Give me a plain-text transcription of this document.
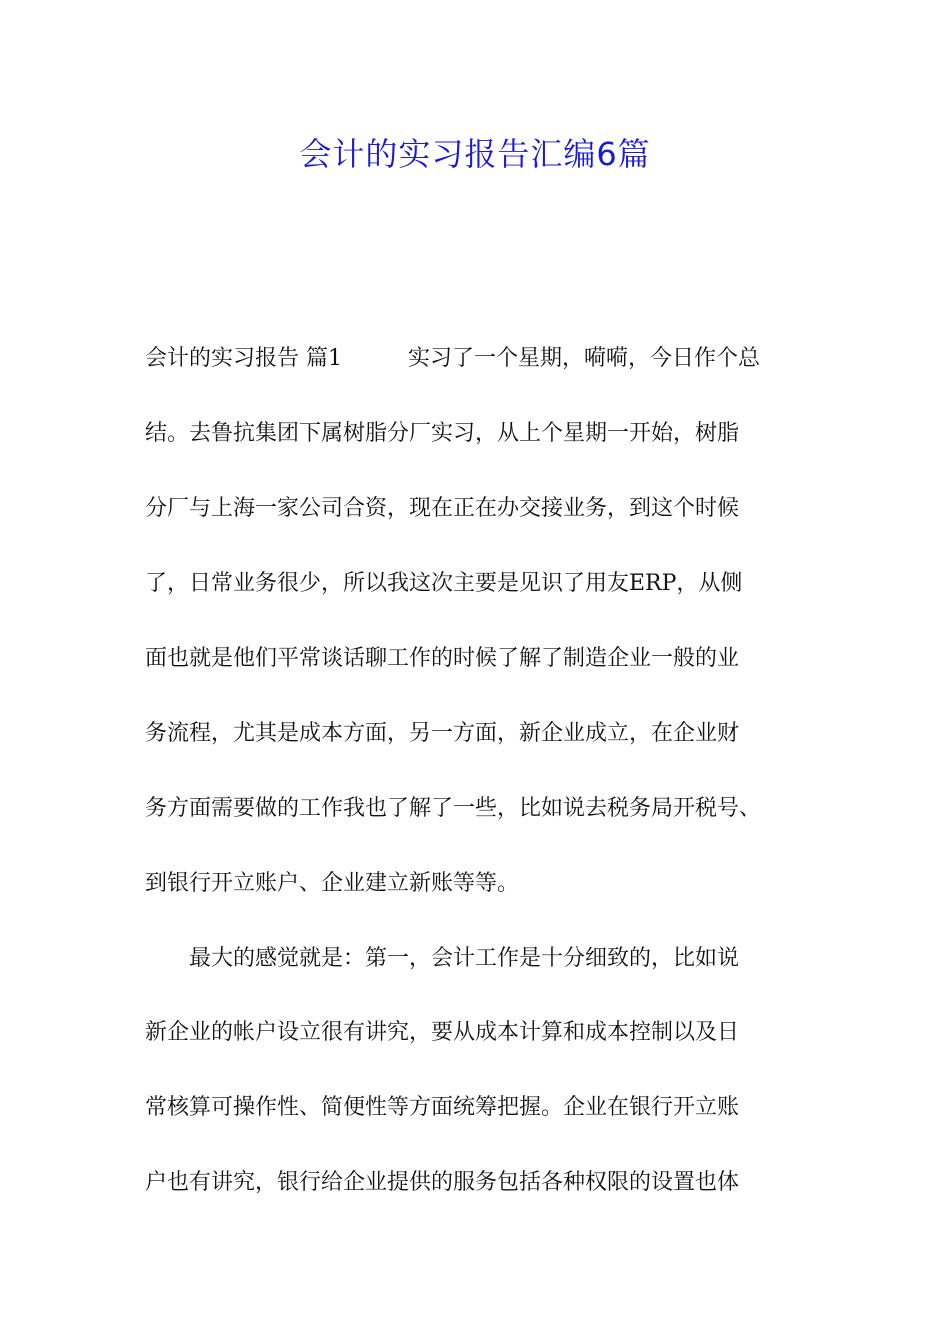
会计的实习报告汇编6篇
会计的实习报告 篇1　　　实习了一个星期，嗬嗬，今日作个总
结。去鲁抗集团下属树脂分厂实习，从上个星期一开始，树脂
分厂与上海一家公司合资，现在正在办交接业务，到这个时候
了，日常业务很少，所以我这次主要是见识了用友ERP，从侧
面也就是他们平常谈话聊工作的时候了解了制造企业一般的业
务流程，尤其是成本方面，另一方面，新企业成立，在企业财
务方面需要做的工作我也了解了一些，比如说去税务局开税号、
到银行开立账户、企业建立新账等等。
　　最大的感觉就是：第一，会计工作是十分细致的，比如说
新企业的帐户设立很有讲究，要从成本计算和成本控制以及日
常核算可操作性、简便性等方面统筹把握。企业在银行开立账
户也有讲究，银行给企业提供的服务包括各种权限的设置也体
